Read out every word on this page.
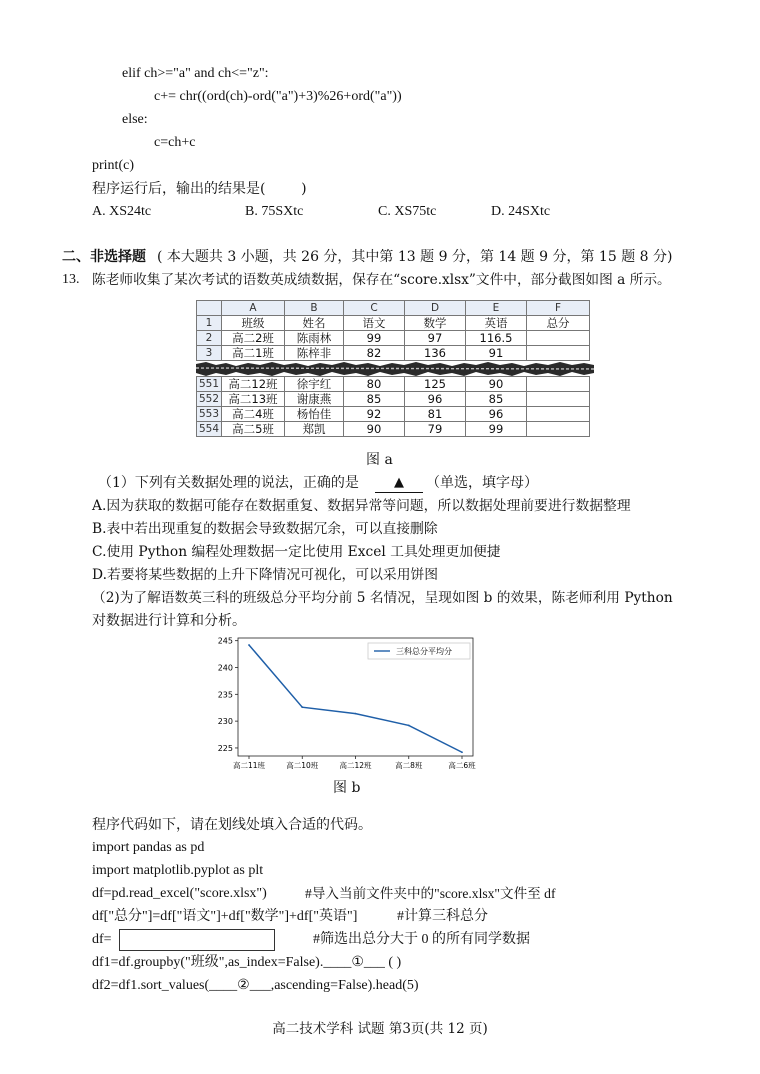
elif ch>="a" and ch<="z":
c+= chr((ord(ch)-ord("a")+3)%26+ord("a"))
else:
c=ch+c
print(c)
程序运行后，输出的结果是(        )
A. XS24tc	B. 75SXtc	C. XS75tc	D. 24SXtc
二、非选择题 ( 本大题共 3 小题，共 26 分，其中第 13 题 9 分，第 14 题 9 分，第 15 题 8 分)
13. 陈老师收集了某次考试的语数英成绩数据，保存在“score.xlsx”文件中，部分截图如图 a 所示。
	A	B	C	D	E	F
1	班级	姓名	语文	数学	英语	总分
2	高二2班	陈雨林	99	97	116.5	
3	高二1班	陈梓非	82	136	91	

551	高二12班	徐宇红	80	125	90	
552	高二13班	谢康燕	85	96	85	
553	高二4班	杨怡佳	92	81	96	
554	高二5班	郑凯	90	79	99	
图 a
（1）下列有关数据处理的说法，正确的是	▲	（单选，填字母）
A.因为获取的数据可能存在数据重复、数据异常等问题，所以数据处理前要进行数据整理
B.表中若出现重复的数据会导致数据冗余，可以直接删除
C.使用 Python 编程处理数据一定比使用 Excel 工具处理更加便捷
D.若要将某些数据的上升下降情况可视化，可以采用饼图
（2)为了解语数英三科的班级总分平均分前 5 名情况，呈现如图 b 的效果，陈老师利用 Python
对数据进行计算和分析。
225
230
235
240
245
高二11班	高二10班	高二12班	高二8班	高二6班
三科总分平均分
图 b
程序代码如下，请在划线处填入合适的代码。
import pandas as pd
import matplotlib.pyplot as plt
df=pd.read_excel("score.xlsx")	#导入当前文件夹中的"score.xlsx"文件至 df
df["总分"]=df["语文"]+df["数学"]+df["英语"]	#计算三科总分
df=	#筛选出总分大于 0 的所有同学数据
df1=df.groupby("班级",as_index=False).____①___ ( )
df2=df1.sort_values(____②___,ascending=False).head(5)
高二技术学科 试题 第3页(共 12 页)
